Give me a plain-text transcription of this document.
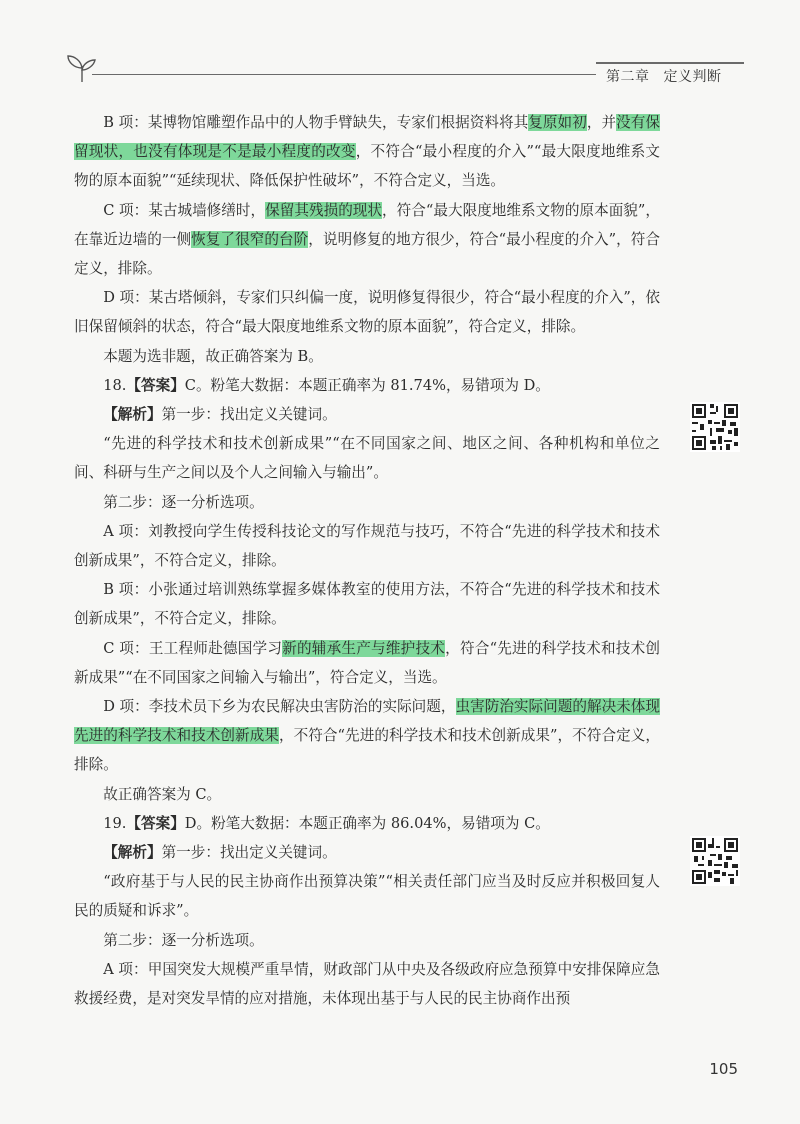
第二章 定义判断

B 项：某博物馆雕塑作品中的人物手臂缺失，专家们根据资料将其复原如初，并没有保留现状，也没有体现是不是最小程度的改变，不符合“最小程度的介入”“最大限度地维系文物的原本面貌”“延续现状、降低保护性破坏”，不符合定义，当选。

C 项：某古城墙修缮时，保留其残损的现状，符合“最大限度地维系文物的原本面貌”，在靠近边墙的一侧恢复了很窄的台阶，说明修复的地方很少，符合“最小程度的介入”，符合定义，排除。

D 项：某古塔倾斜，专家们只纠偏一度，说明修复得很少，符合“最小程度的介入”，依旧保留倾斜的状态，符合“最大限度地维系文物的原本面貌”，符合定义，排除。

本题为选非题，故正确答案为 B。

18.【答案】C。粉笔大数据：本题正确率为 81.74%，易错项为 D。

【解析】第一步：找出定义关键词。

“先进的科学技术和技术创新成果”“在不同国家之间、地区之间、各种机构和单位之间、科研与生产之间以及个人之间输入与输出”。

第二步：逐一分析选项。

A 项：刘教授向学生传授科技论文的写作规范与技巧，不符合“先进的科学技术和技术创新成果”，不符合定义，排除。

B 项：小张通过培训熟练掌握多媒体教室的使用方法，不符合“先进的科学技术和技术创新成果”，不符合定义，排除。

C 项：王工程师赴德国学习新的辅承生产与维护技术，符合“先进的科学技术和技术创新成果”“在不同国家之间输入与输出”，符合定义，当选。

D 项：李技术员下乡为农民解决虫害防治的实际问题，虫害防治实际问题的解决未体现先进的科学技术和技术创新成果，不符合“先进的科学技术和技术创新成果”，不符合定义，排除。

故正确答案为 C。

19.【答案】D。粉笔大数据：本题正确率为 86.04%，易错项为 C。

【解析】第一步：找出定义关键词。

“政府基于与人民的民主协商作出预算决策”“相关责任部门应当及时反应并积极回复人民的质疑和诉求”。

第二步：逐一分析选项。

A 项：甲国突发大规模严重旱情，财政部门从中央及各级政府应急预算中安排保障应急救援经费，是对突发旱情的应对措施，未体现出基于与人民的民主协商作出预

105
